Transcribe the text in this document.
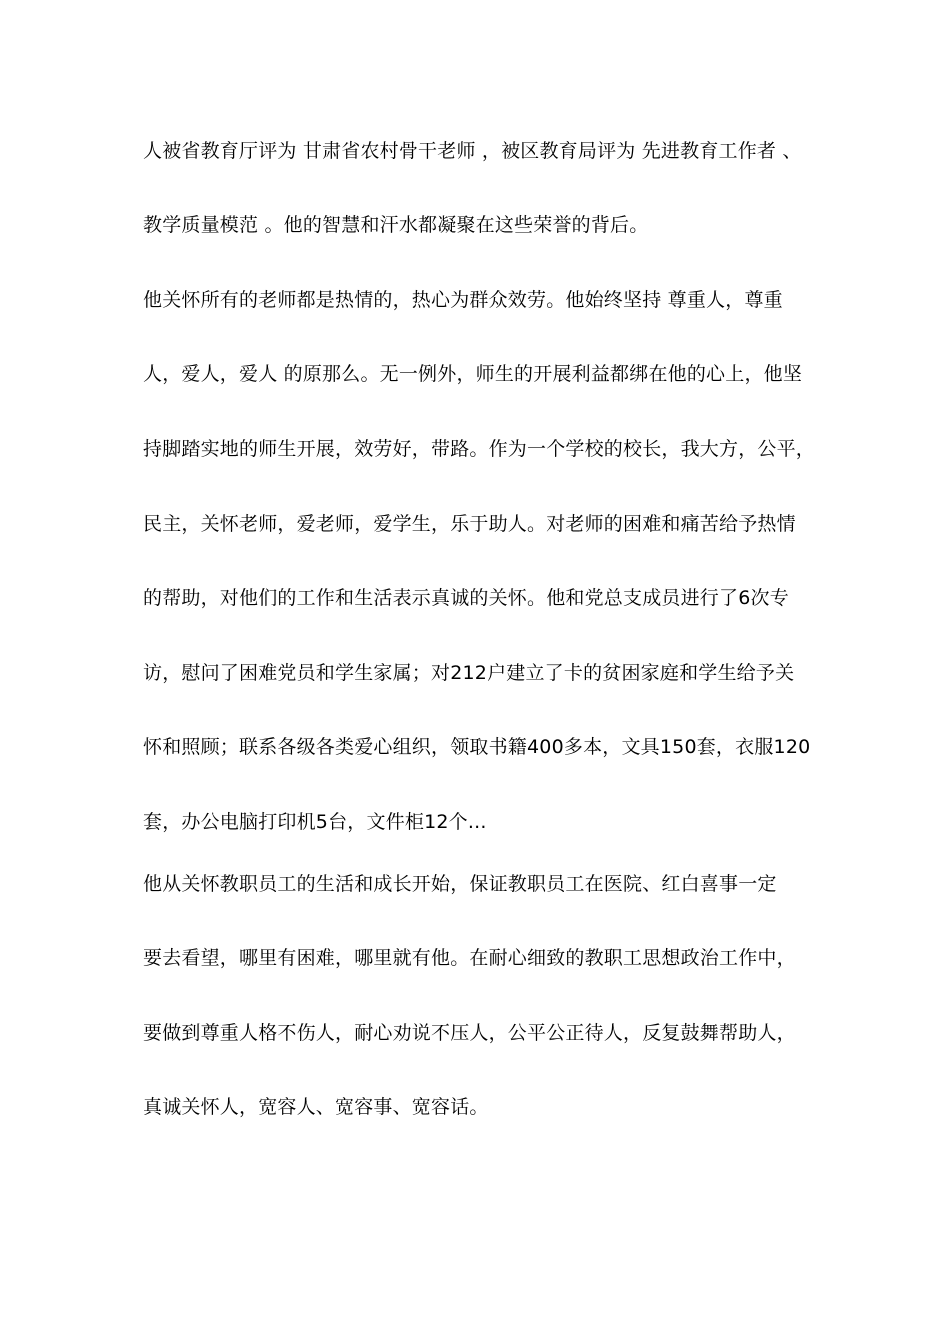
人被省教育厅评为 甘肃省农村骨干老师 ，被区教育局评为 先进教育工作者 、
教学质量模范 。他的智慧和汗水都凝聚在这些荣誉的背后。
他关怀所有的老师都是热情的，热心为群众效劳。他始终坚持 尊重人，尊重
人，爱人，爱人 的原那么。无一例外，师生的开展利益都绑在他的心上，他坚
持脚踏实地的师生开展，效劳好，带路。作为一个学校的校长，我大方，公平，
民主，关怀老师，爱老师，爱学生，乐于助人。对老师的困难和痛苦给予热情
的帮助，对他们的工作和生活表示真诚的关怀。他和党总支成员进行了6次专
访，慰问了困难党员和学生家属；对212户建立了卡的贫困家庭和学生给予关
怀和照顾；联系各级各类爱心组织，领取书籍400多本，文具150套，衣服120
套，办公电脑打印机5台，文件柜12个...
他从关怀教职员工的生活和成长开始，保证教职员工在医院、红白喜事一定
要去看望，哪里有困难，哪里就有他。在耐心细致的教职工思想政治工作中，
要做到尊重人格不伤人，耐心劝说不压人，公平公正待人，反复鼓舞帮助人，
真诚关怀人，宽容人、宽容事、宽容话。
